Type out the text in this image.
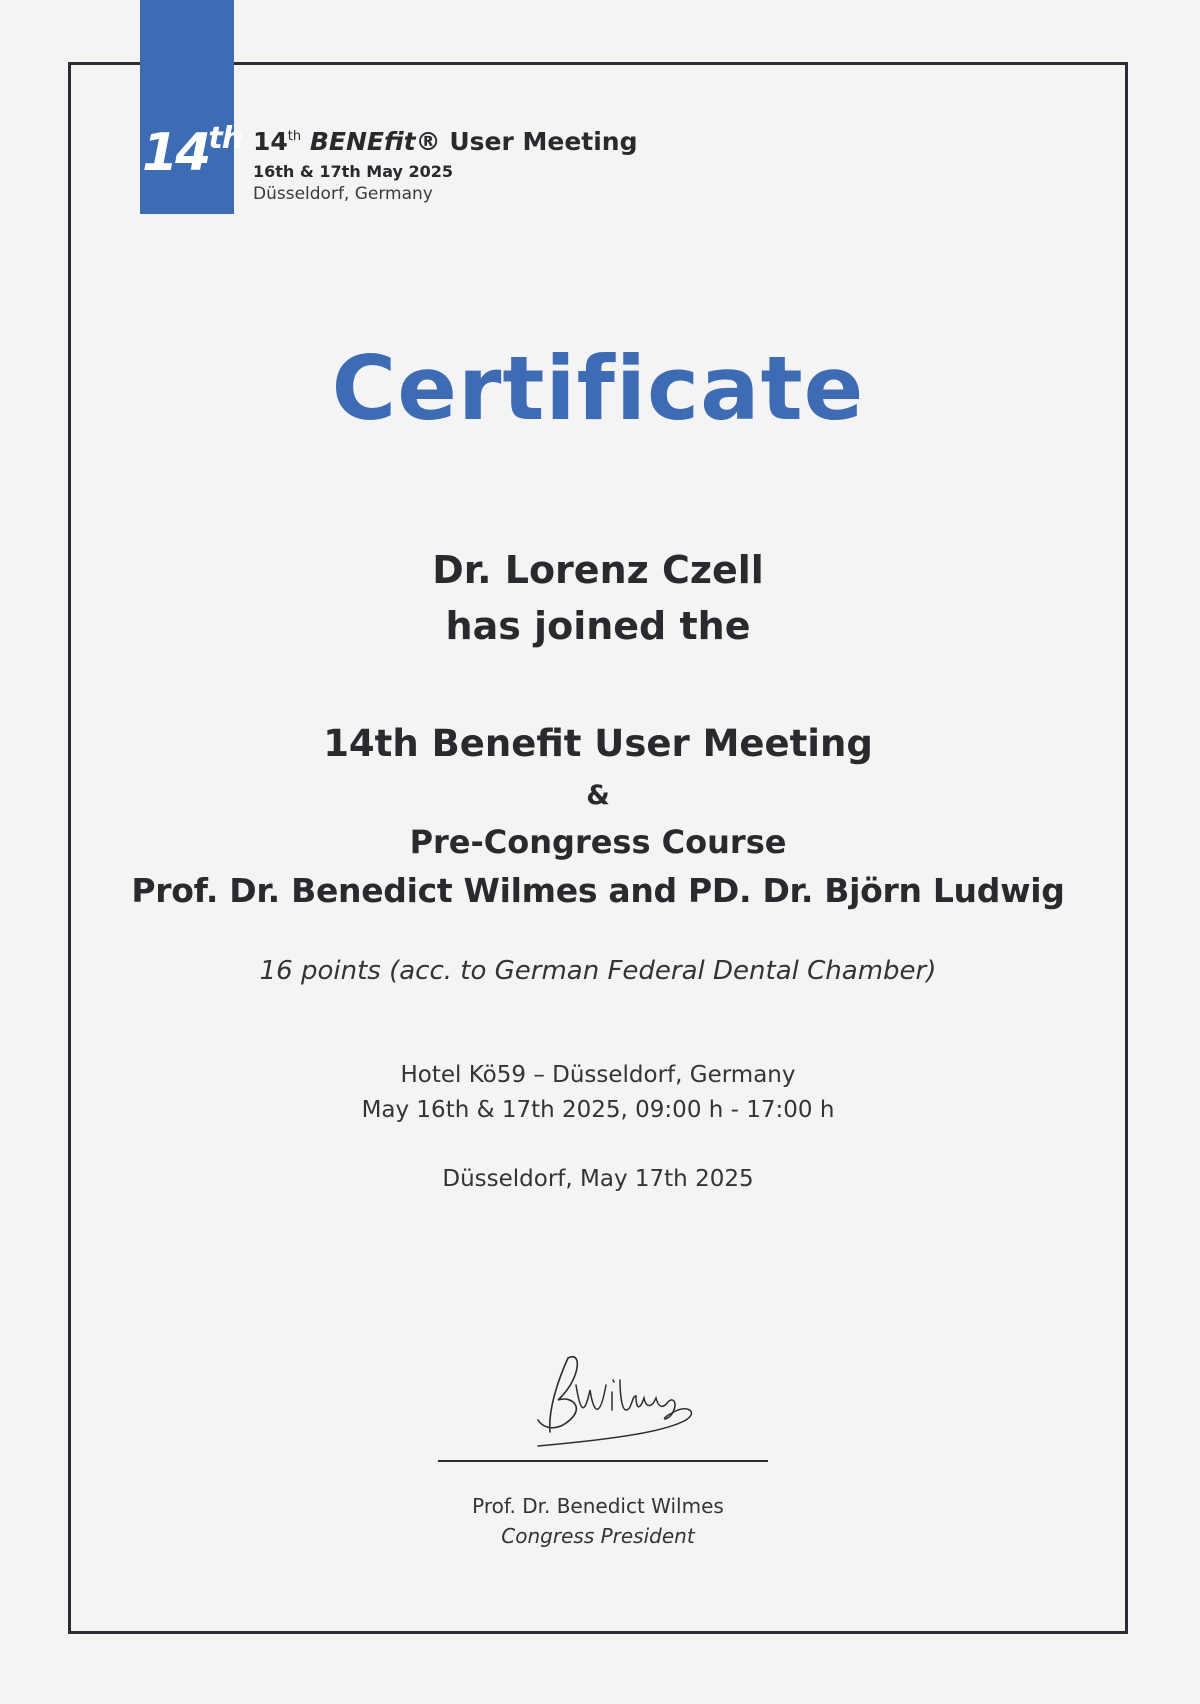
14th 14th BENEfit® User Meeting
16th & 17th May 2025
Düsseldorf, Germany
Certificate
Dr. Lorenz Czell
has joined the
14th Benefit User Meeting
&
Pre-Congress Course
Prof. Dr. Benedict Wilmes and PD. Dr. Björn Ludwig
16 points (acc. to German Federal Dental Chamber)
Hotel Kö59 – Düsseldorf, Germany
May 16th & 17th 2025, 09:00 h - 17:00 h
Düsseldorf, May 17th 2025
Prof. Dr. Benedict Wilmes
Congress President
